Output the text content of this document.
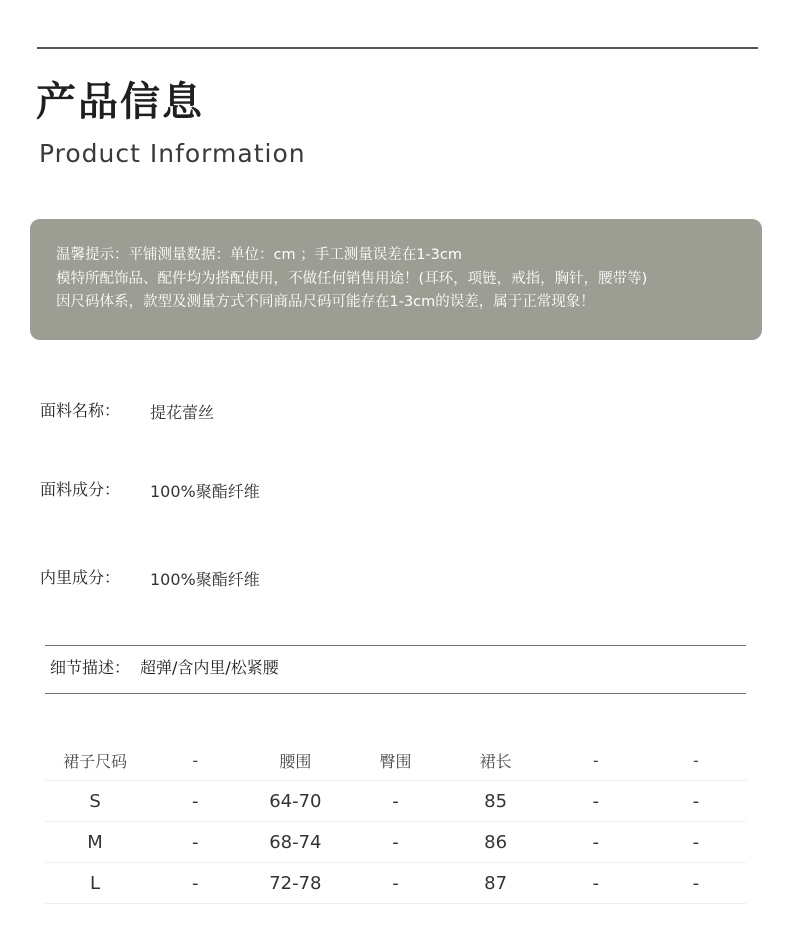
产品信息
Product Information
温馨提示：平铺测量数据：单位：cm ；手工测量误差在1-3cm
模特所配饰品、配件均为搭配使用，不做任何销售用途！(耳环，项链，戒指，胸针，腰带等)
因尺码体系，款型及测量方式不同商品尺码可能存在1-3cm的误差，属于正常现象！
面料名称： 提花蕾丝
面料成分： 100%聚酯纤维
内里成分： 100%聚酯纤维
细节描述： 超弹/含内里/松紧腰
裙子尺码	-	腰围	臀围	裙长	-	-
S	-	64-70	-	85	-	-
M	-	68-74	-	86	-	-
L	-	72-78	-	87	-	-
